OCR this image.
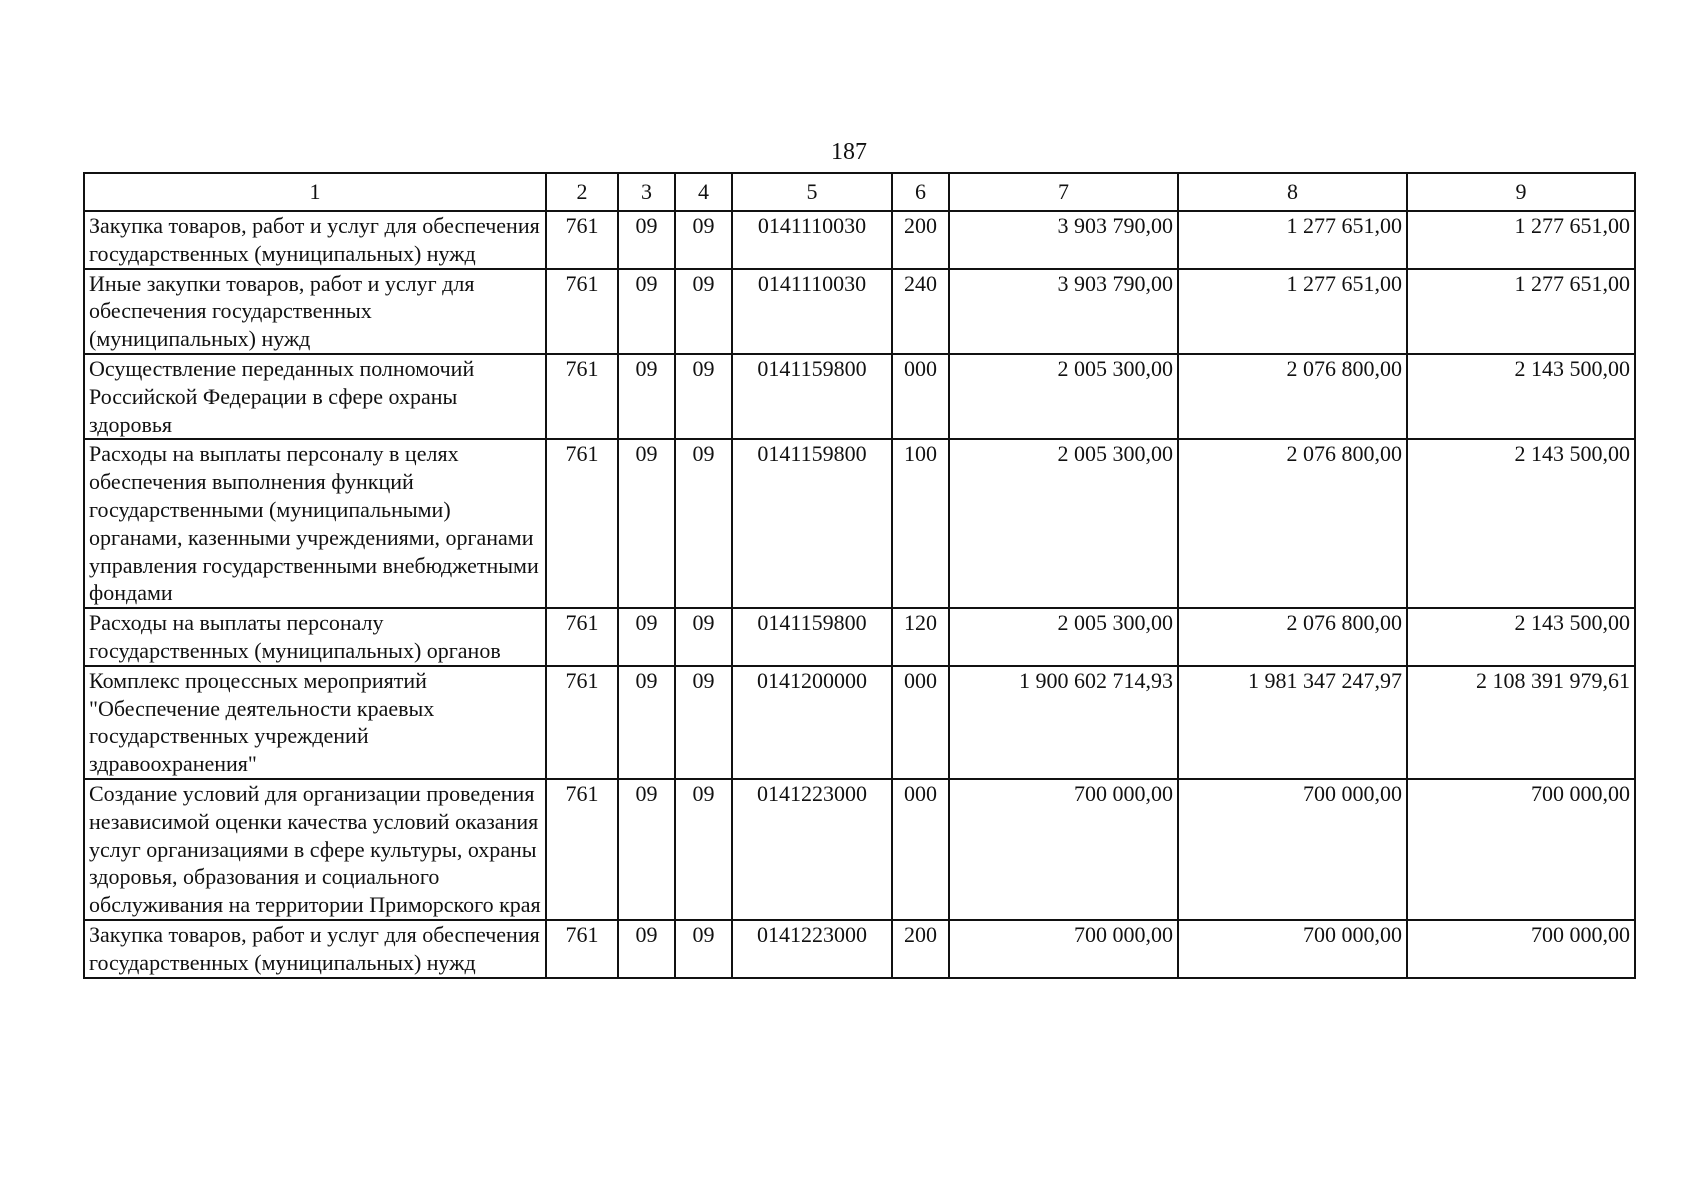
187
1	2	3	4	5	6	7	8	9
Закупка товаров, работ и услуг для обеспечения государственных (муниципальных) нужд	761	09	09	0141110030	200	3 903 790,00	1 277 651,00	1 277 651,00
Иные закупки товаров, работ и услуг для обеспечения государственных (муниципальных) нужд	761	09	09	0141110030	240	3 903 790,00	1 277 651,00	1 277 651,00
Осуществление переданных полномочий Российской Федерации в сфере охраны здоровья	761	09	09	0141159800	000	2 005 300,00	2 076 800,00	2 143 500,00
Расходы на выплаты персоналу в целях обеспечения выполнения функций государственными (муниципальными) органами, казенными учреждениями, органами управления государственными внебюджетными фондами	761	09	09	0141159800	100	2 005 300,00	2 076 800,00	2 143 500,00
Расходы на выплаты персоналу государственных (муниципальных) органов	761	09	09	0141159800	120	2 005 300,00	2 076 800,00	2 143 500,00
Комплекс процессных мероприятий "Обеспечение деятельности краевых государственных учреждений здравоохранения"	761	09	09	0141200000	000	1 900 602 714,93	1 981 347 247,97	2 108 391 979,61
Создание условий для организации проведения независимой оценки качества условий оказания услуг организациями в сфере культуры, охраны здоровья, образования и социального обслуживания на территории Приморского края	761	09	09	0141223000	000	700 000,00	700 000,00	700 000,00
Закупка товаров, работ и услуг для обеспечения государственных (муниципальных) нужд	761	09	09	0141223000	200	700 000,00	700 000,00	700 000,00
